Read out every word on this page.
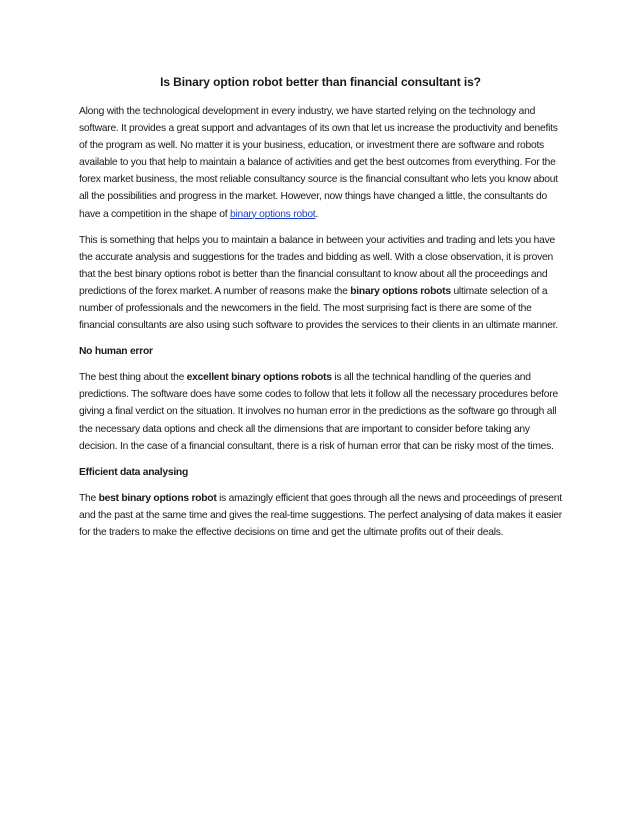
Is Binary option robot better than financial consultant is?

Along with the technological development in every industry, we have started relying on the technology and software. It provides a great support and advantages of its own that let us increase the productivity and benefits of the program as well. No matter it is your business, education, or investment there are software and robots available to you that help to maintain a balance of activities and get the best outcomes from everything. For the forex market business, the most reliable consultancy source is the financial consultant who lets you know about all the possibilities and progress in the market. However, now things have changed a little, the consultants do have a competition in the shape of binary options robot.

This is something that helps you to maintain a balance in between your activities and trading and lets you have the accurate analysis and suggestions for the trades and bidding as well. With a close observation, it is proven that the best binary options robot is better than the financial consultant to know about all the proceedings and predictions of the forex market. A number of reasons make the binary options robots ultimate selection of a number of professionals and the newcomers in the field. The most surprising fact is there are some of the financial consultants are also using such software to provides the services to their clients in an ultimate manner.

No human error

The best thing about the excellent binary options robots is all the technical handling of the queries and predictions. The software does have some codes to follow that lets it follow all the necessary procedures before giving a final verdict on the situation. It involves no human error in the predictions as the software go through all the necessary data options and check all the dimensions that are important to consider before taking any decision. In the case of a financial consultant, there is a risk of human error that can be risky most of the times.

Efficient data analysing

The best binary options robot is amazingly efficient that goes through all the news and proceedings of present and the past at the same time and gives the real-time suggestions. The perfect analysing of data makes it easier for the traders to make the effective decisions on time and get the ultimate profits out of their deals.
